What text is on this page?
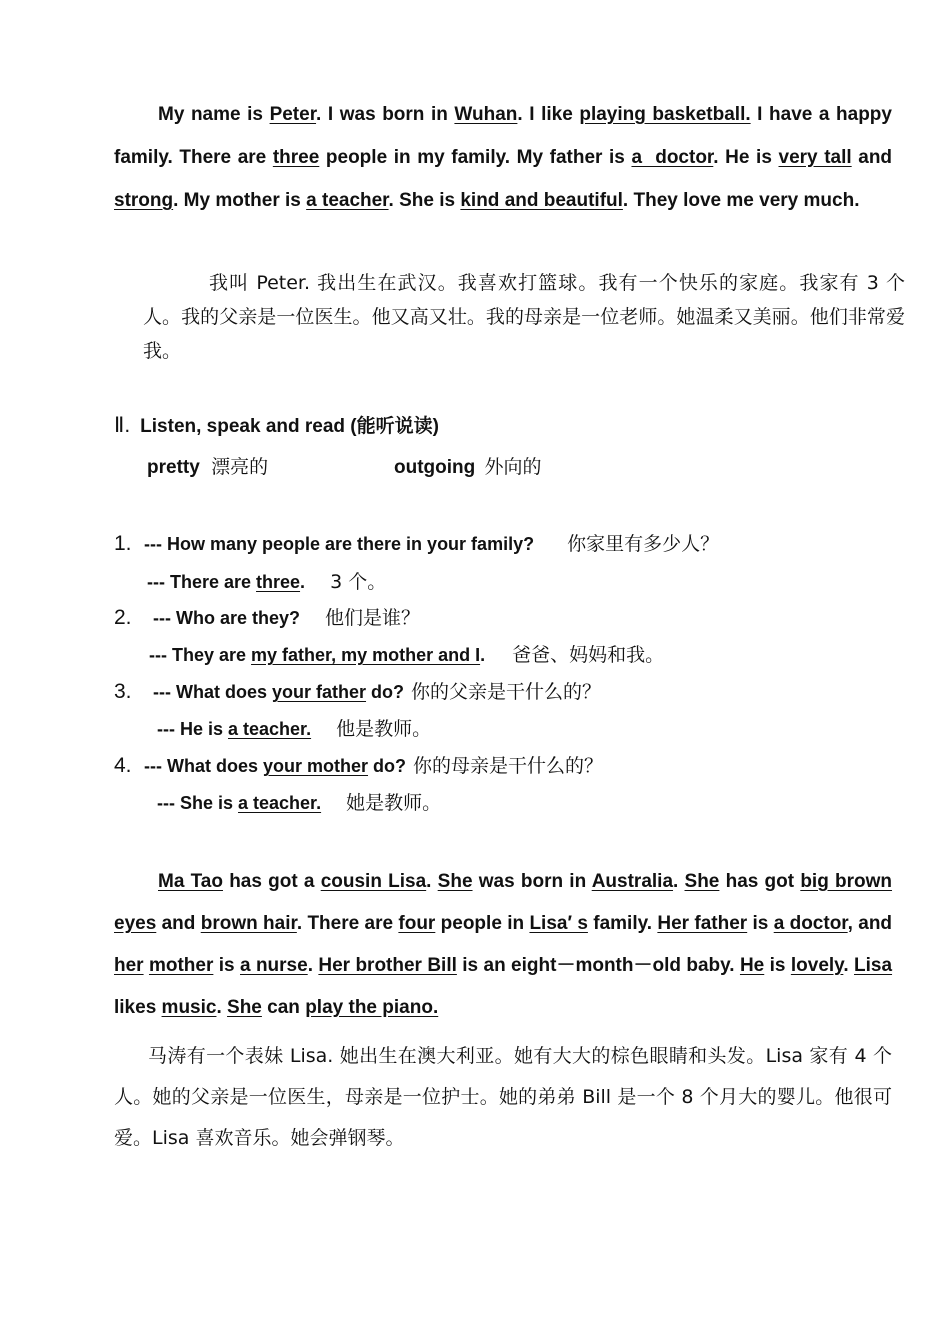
My name is Peter. I was born in Wuhan. I like playing basketball. I have a happy family. There are three people in my family. My father is a  doctor. He is very tall and strong. My mother is a teacher. She is kind and beautiful. They love me very much.
我叫 Peter. 我出生在武汉。我喜欢打篮球。我有一个快乐的家庭。我家有 3 个人。我的父亲是一位医生。他又高又壮。我的母亲是一位老师。她温柔又美丽。他们非常爱我。
Ⅱ. Listen, speak and read (能听说读)
pretty 漂亮的	outgoing 外向的
1. --- How many people are there in your family? 你家里有多少人？
--- There are three. 3 个。
2. --- Who are they? 他们是谁？
--- They are my father, my mother and I. 爸爸、妈妈和我。
3. --- What does your father do? 你的父亲是干什么的？
--- He is a teacher. 他是教师。
4. --- What does your mother do? 你的母亲是干什么的？
--- She is a teacher. 她是教师。
Ma Tao has got a cousin Lisa. She was born in Australia. She has got big brown eyes and brown hair. There are four people in Lisa′ s family. Her father is a doctor, and her mother is a nurse. Her brother Bill is an eight－month－old baby. He is lovely. Lisa likes music. She can play the piano.
马涛有一个表妹 Lisa. 她出生在澳大利亚。她有大大的棕色眼睛和头发。Lisa 家有 4 个人。她的父亲是一位医生，母亲是一位护士。她的弟弟 Bill 是一个 8 个月大的婴儿。他很可爱。Lisa 喜欢音乐。她会弹钢琴。
